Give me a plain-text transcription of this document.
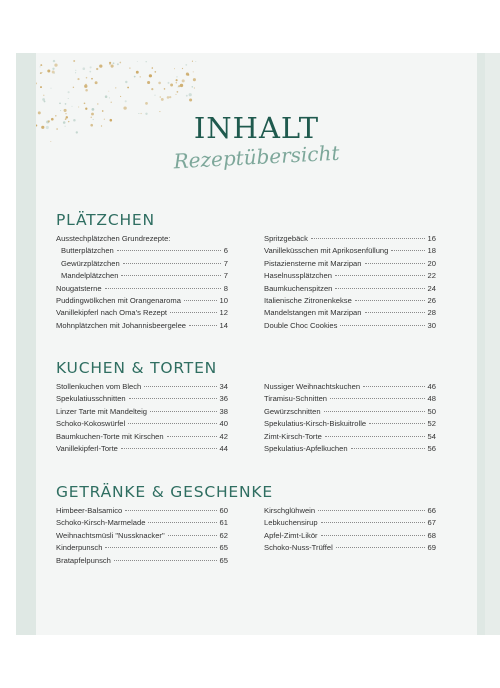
INHALT
Rezeptübersicht
PLÄTZCHEN
Ausstechplätzchen Grundrezepte:
Butterplätzchen	6
Gewürzplätzchen	7
Mandelplätzchen	7
Nougatsterne	8
Puddingwölkchen mit Orangenaroma	10
Vanillekipferl nach Oma's Rezept	12
Mohnplätzchen mit Johannisbeergelee	14
Spritzgebäck	16
Vanilleküsschen mit Aprikosenfüllung	18
Pistaziensterne mit Marzipan	20
Haselnussplätzchen	22
Baumkuchenspitzen	24
Italienische Zitronenkekse	26
Mandelstangen mit Marzipan	28
Double Choc Cookies	30
KUCHEN & TORTEN
Stollenkuchen vom Blech	34
Spekulatiusschnitten	36
Linzer Tarte mit Mandelteig	38
Schoko-Kokoswürfel	40
Baumkuchen-Torte mit Kirschen	42
Vanillekipferl-Torte	44
Nussiger Weihnachtskuchen	46
Tiramisu-Schnitten	48
Gewürzschnitten	50
Spekulatius-Kirsch-Biskuitrolle	52
Zimt-Kirsch-Torte	54
Spekulatius-Apfelkuchen	56
GETRÄNKE & GESCHENKE
Himbeer-Balsamico	60
Schoko-Kirsch-Marmelade	61
Weihnachtsmüsli "Nussknacker"	62
Kinderpunsch	65
Bratapfelpunsch	65
Kirschglühwein	66
Lebkuchensirup	67
Apfel-Zimt-Likör	68
Schoko-Nuss-Trüffel	69
